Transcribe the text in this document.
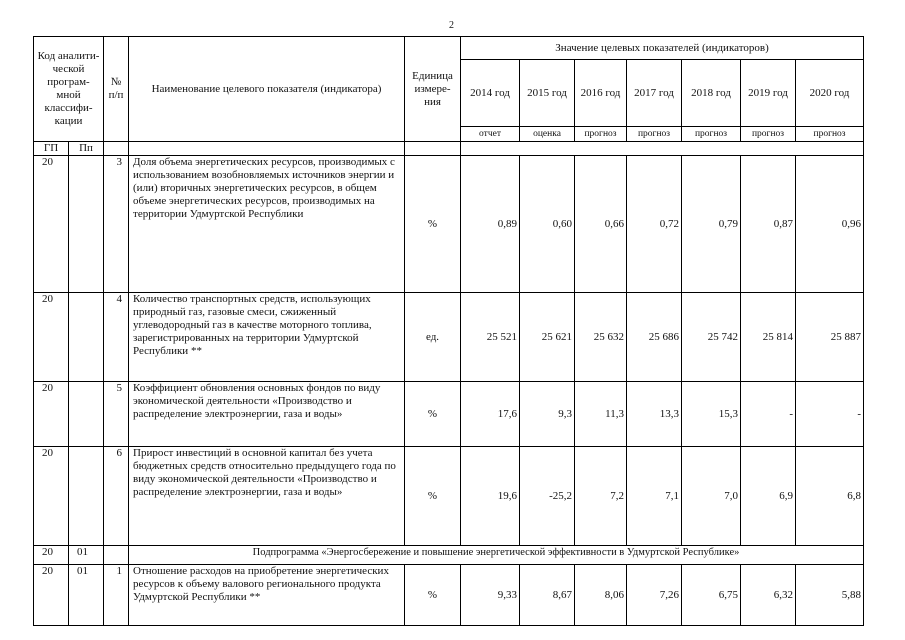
2
Код аналити-ческой програм-мной классифи-кации		№ п/п	Наименование целевого показателя (индикатора)	Единица измере-ния	Значение целевых показателей (индикаторов)						
					2014 год	2015 год	2016 год	2017 год	2018 год	2019 год	2020 год
					отчет	оценка	прогноз	прогноз	прогноз	прогноз	прогноз
ГП	Пп										
20		3	Доля объема энергетических ресурсов, производимых с использованием возобновляемых источников энергии и (или) вторичных энергетических ресурсов, в общем объеме энергетических ресурсов, производимых на территории Удмуртской Республики	%	0,89	0,60	0,66	0,72	0,79	0,87	0,96
20		4	Количество транспортных средств, использующих природный газ, газовые смеси, сжиженный углеводородный газ в качестве моторного топлива, зарегистрированных на территории Удмуртской Республики **	ед.	25 521	25 621	25 632	25 686	25 742	25 814	25 887
20		5	Коэффициент обновления основных фондов по виду экономической деятельности «Производство и распределение электроэнергии, газа и воды»	%	17,6	9,3	11,3	13,3	15,3	-	-
20		6	Прирост инвестиций в основной капитал без учета бюджетных средств относительно предыдущего года по виду экономической деятельности «Производство и распределение электроэнергии, газа и воды»	%	19,6	-25,2	7,2	7,1	7,0	6,9	6,8
20	01		Подпрограмма «Энергосбережение и повышение энергетической эффективности в Удмуртской Республике»								
20	01	1	Отношение расходов на приобретение энергетических ресурсов к объему валового регионального продукта Удмуртской Республики **	%	9,33	8,67	8,06	7,26	6,75	6,32	5,88
